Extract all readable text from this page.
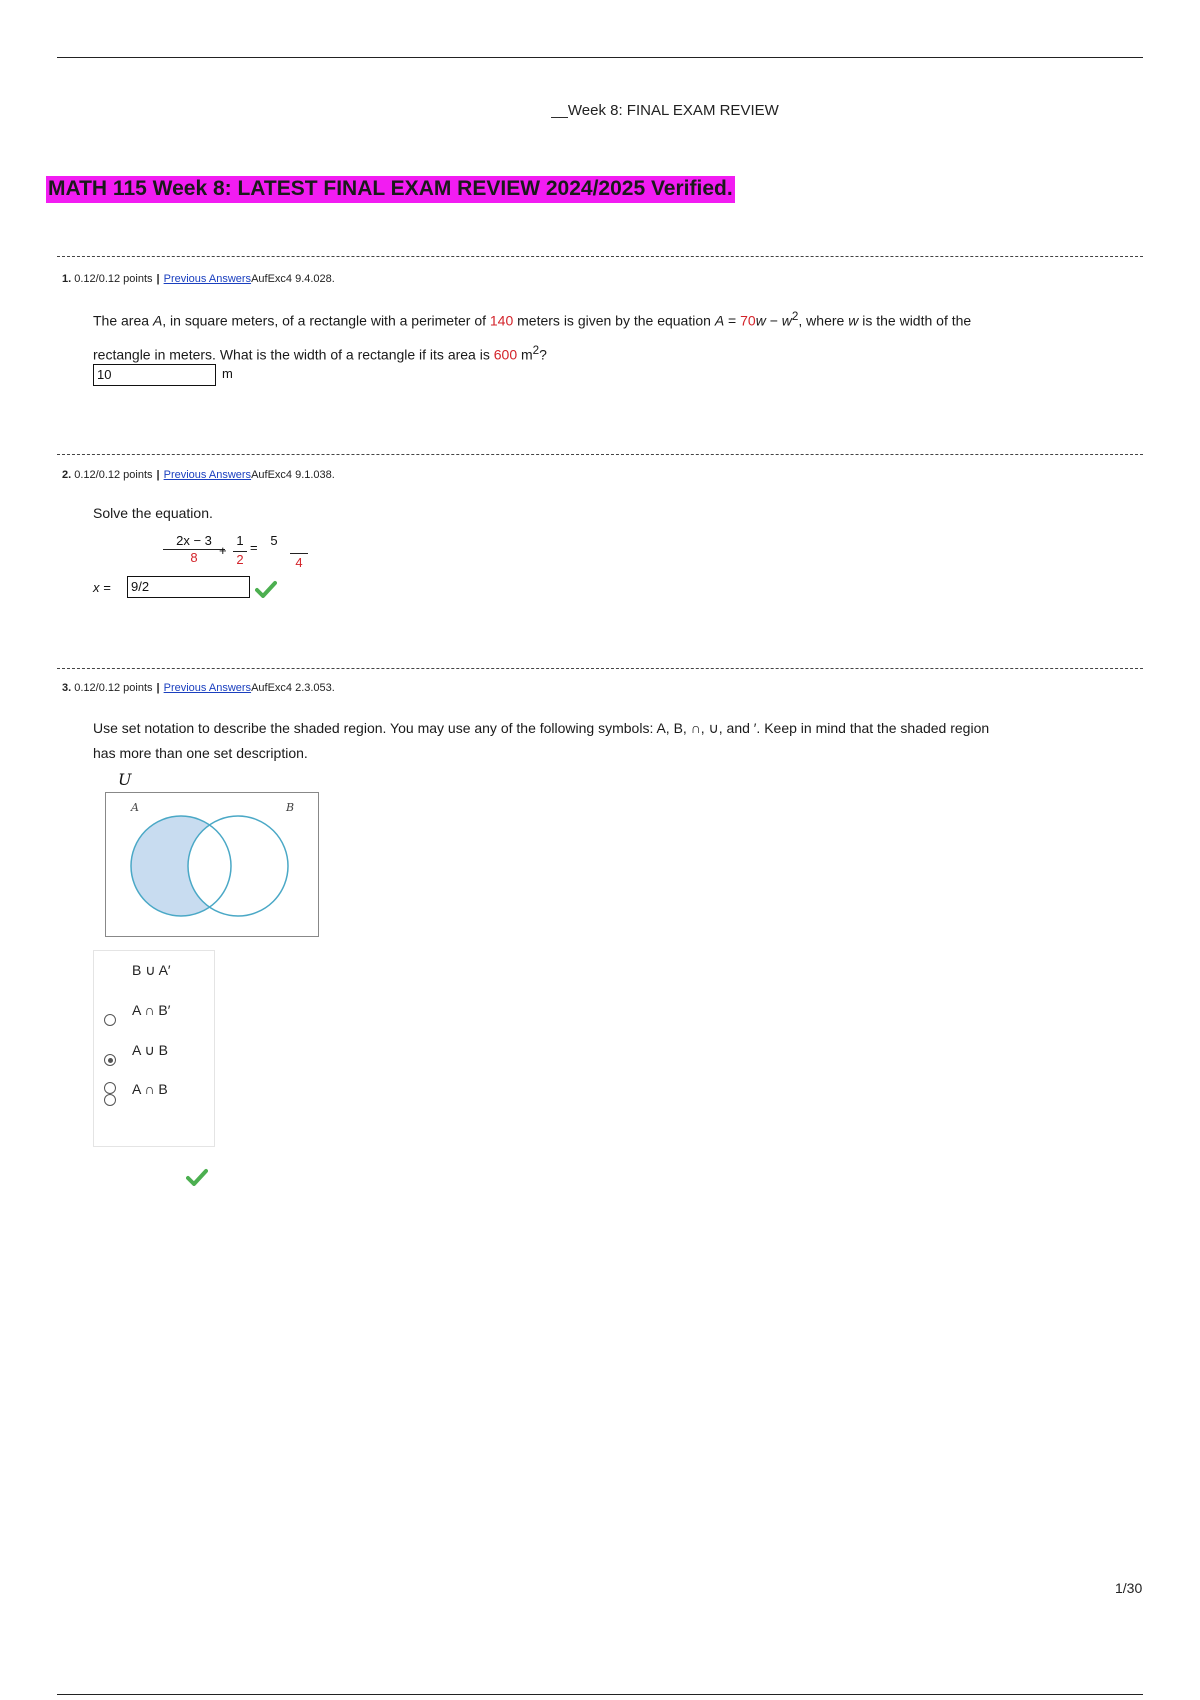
__Week 8: FINAL EXAM REVIEW
MATH 115 Week 8: LATEST FINAL EXAM REVIEW 2024/2025 Verified.
1. 0.12/0.12 points | Previous AnswersAufExc4 9.4.028.
The area A, in square meters, of a rectangle with a perimeter of 140 meters is given by the equation $A = 70w - w^2$, where w is the width of the
rectangle in meters. What is the width of a rectangle if its area is 600 $m^2$?
10	m
2. 0.12/0.12 points | Previous AnswersAufExc4 9.1.038.
Solve the equation.
$\frac{2x - 3}{8}$
+ $\frac{1}{2} = 5$
4
x =	9/2
3. 0.12/0.12 points | Previous AnswersAufExc4 2.3.053.
Use set notation to describe the shaded region. You may use any of the following symbols: A, B, ∩, ∪, and ′. Keep in mind that the shaded region
has more than one set description.
U
A	B
B ∪ A′
A ∩ B′
A ∪ B
A ∩ B
1/30
